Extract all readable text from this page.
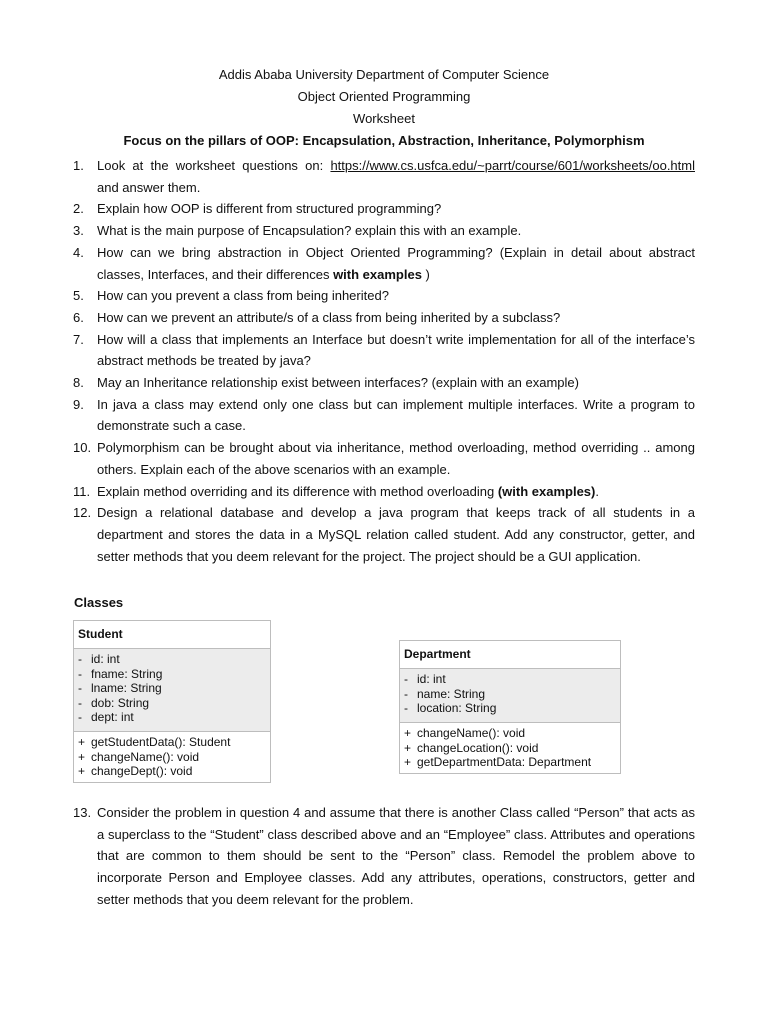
Addis Ababa University Department of Computer Science
Object Oriented Programming
Worksheet
Focus on the pillars of OOP: Encapsulation, Abstraction, Inheritance, Polymorphism
1.	Look at the worksheet questions on: https://www.cs.usfca.edu/~parrt/course/601/worksheets/oo.html and answer them.
2.	Explain how OOP is different from structured programming?
3.	What is the main purpose of Encapsulation? explain this with an example.
4.	How can we bring abstraction in Object Oriented Programming? (Explain in detail about abstract classes, Interfaces, and their differences with examples )
5.	How can you prevent a class from being inherited?
6.	How can we prevent an attribute/s of a class from being inherited by a subclass?
7.	How will a class that implements an Interface but doesn’t write implementation for all of the interface’s abstract methods be treated by java?
8.	May an Inheritance relationship exist between interfaces? (explain with an example)
9.	In java a class may extend only one class but can implement multiple interfaces. Write a program to demonstrate such a case.
10. Polymorphism can be brought about via inheritance, method overloading, method overriding .. among others. Explain each of the above scenarios with an example.
11. Explain method overriding and its difference with method overloading (with examples).
12. Design a relational database and develop a java program that keeps track of all students in a department and stores the data in a MySQL relation called student. Add any constructor, getter, and setter methods that you deem relevant for the project. The project should be a GUI application.
Classes
Student
- id: int
- fname: String
- lname: String
- dob: String
- dept: int
+ getStudentData(): Student
+ changeName(): void
+ changeDept(): void
Department
- id: int
- name: String
- location: String
+ changeName(): void
+ changeLocation(): void
+ getDepartmentData: Department
13. Consider the problem in question 4 and assume that there is another Class called “Person” that acts as a superclass to the “Student” class described above and an “Employee” class. Attributes and operations that are common to them should be sent to the “Person” class. Remodel the problem above to incorporate Person and Employee classes. Add any attributes, operations, constructors, getter and setter methods that you deem relevant for the problem.
